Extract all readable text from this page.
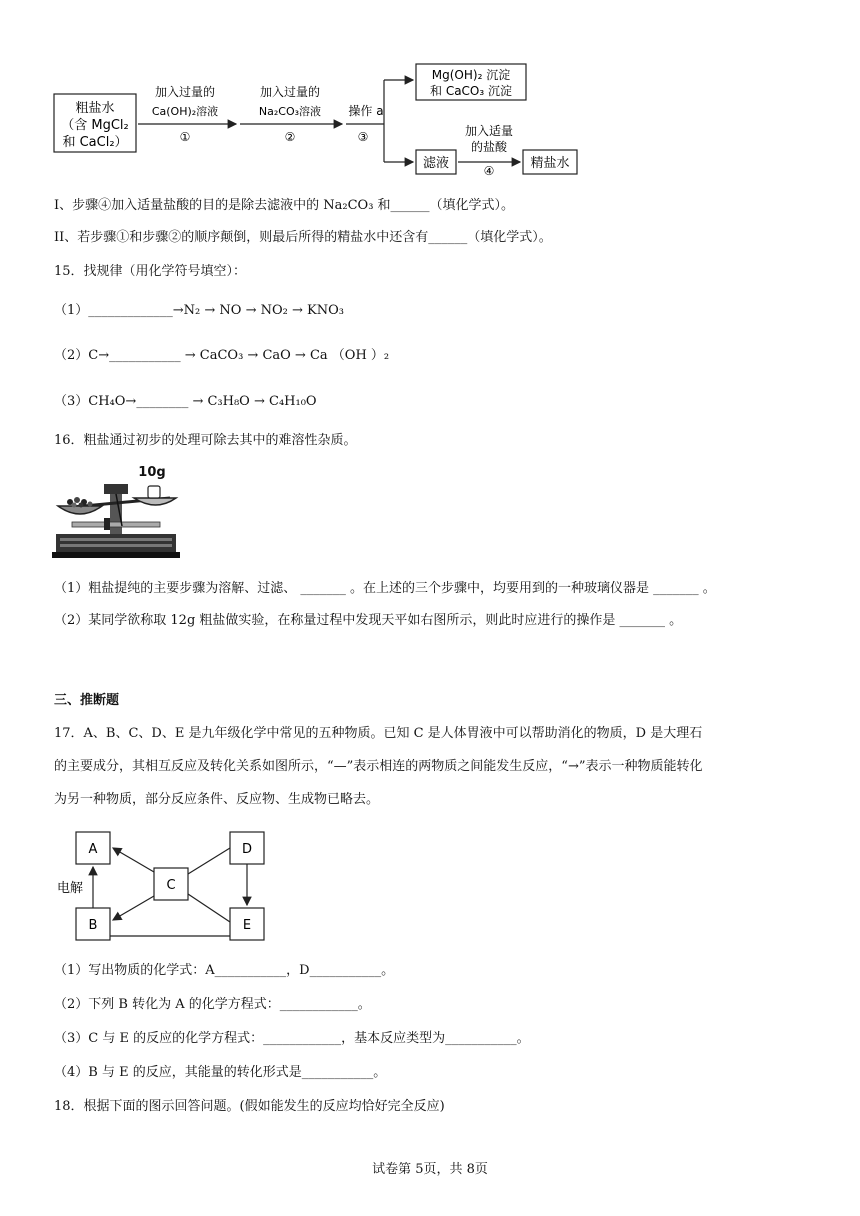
粗盐水
（含 MgCl₂
和 CaCl₂）
加入过量的
Ca(OH)₂溶液
①
加入过量的
Na₂CO₃溶液
②
操作 a
③
Mg(OH)₂ 沉淀
和 CaCO₃ 沉淀
滤液
加入适量
的盐酸
④	精盐水
I、步骤④加入适量盐酸的目的是除去滤液中的 Na₂CO₃ 和______（填化学式）。
II、若步骤①和步骤②的顺序颠倒，则最后所得的精盐水中还含有______（填化学式）。
15．找规律（用化学符号填空）：
（1）_____________→N₂ → NO → NO₂ → KNO₃
（2）C→___________ → CaCO₃ → CaO → Ca （OH ）₂
（3）CH₄O→________ → C₃H₈O → C₄H₁₀O
16．粗盐通过初步的处理可除去其中的难溶性杂质。
10g
（1）粗盐提纯的主要步骤为溶解、过滤、 _______ 。在上述的三个步骤中，均要用到的一种玻璃仪器是 _______ 。
（2）某同学欲称取 12g 粗盐做实验，在称量过程中发现天平如右图所示，则此时应进行的操作是 _______ 。
三、推断题
17．A、B、C、D、E 是九年级化学中常见的五种物质。已知 C 是人体胃液中可以帮助消化的物质，D 是大理石
的主要成分，其相互反应及转化关系如图所示，“—”表示相连的两物质之间能发生反应，“→”表示一种物质能转化
为另一种物质，部分反应条件、反应物、生成物已略去。
A	D
C
B	E
电解
（1）写出物质的化学式：A___________，D___________。
（2）下列 B 转化为 A 的化学方程式：____________。
（3）C 与 E 的反应的化学方程式：____________，基本反应类型为___________。
（4）B 与 E 的反应，其能量的转化形式是___________。
18．根据下面的图示回答问题。(假如能发生的反应均恰好完全反应)
试卷第 5页，共 8页
